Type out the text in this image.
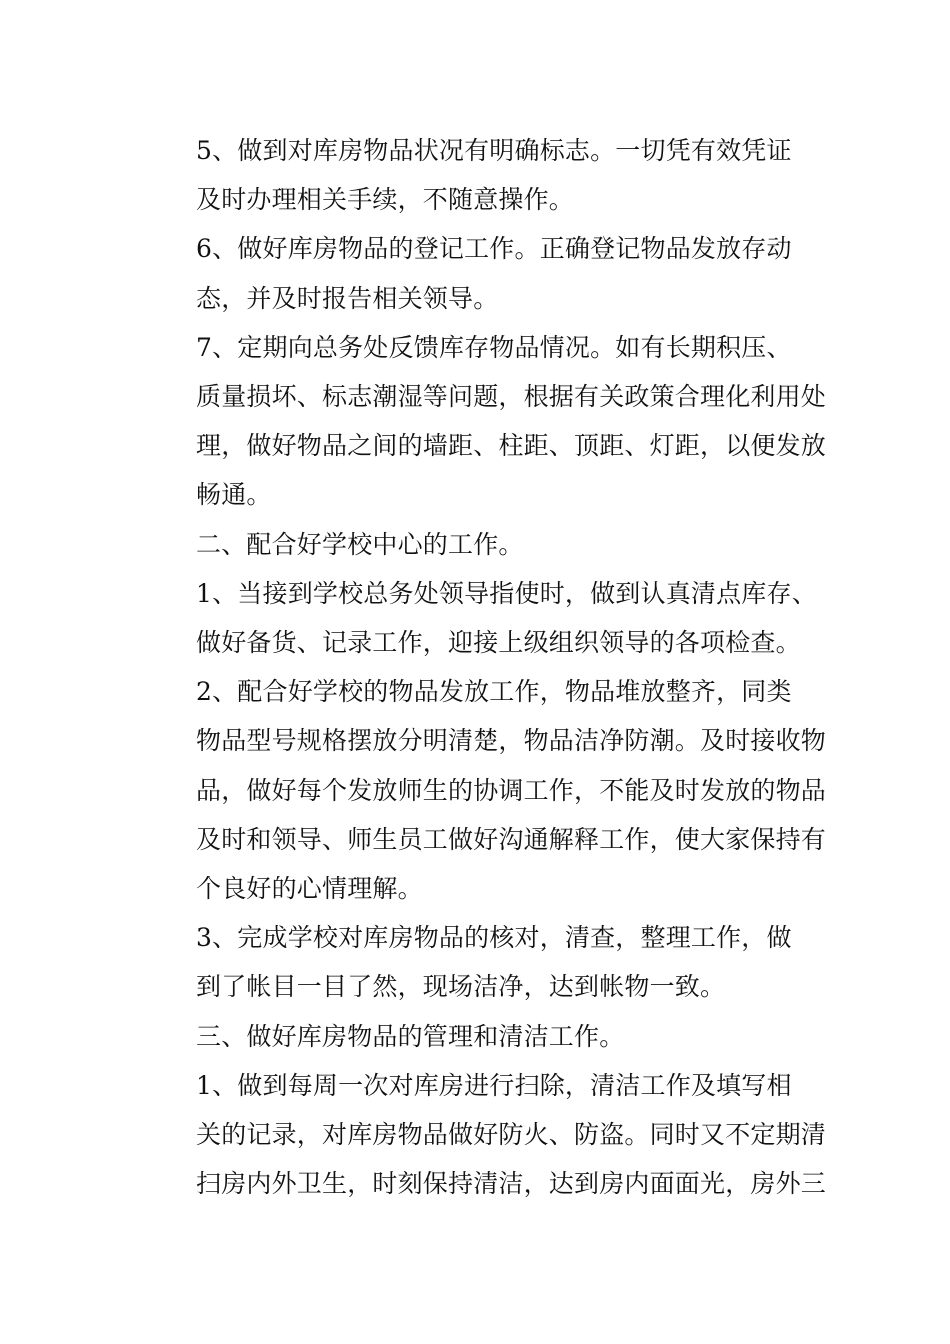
5、做到对库房物品状况有明确标志。一切凭有效凭证
及时办理相关手续，不随意操作。

6、做好库房物品的登记工作。正确登记物品发放存动
态，并及时报告相关领导。

7、定期向总务处反馈库存物品情况。如有长期积压、
质量损坏、标志潮湿等问题，根据有关政策合理化利用处
理，做好物品之间的墙距、柱距、顶距、灯距，以便发放
畅通。

二、配合好学校中心的工作。

1、当接到学校总务处领导指使时，做到认真清点库存、
做好备货、记录工作，迎接上级组织领导的各项检查。

2、配合好学校的物品发放工作，物品堆放整齐，同类
物品型号规格摆放分明清楚，物品洁净防潮。及时接收物
品，做好每个发放师生的协调工作，不能及时发放的物品
及时和领导、师生员工做好沟通解释工作，使大家保持有
个良好的心情理解。

3、完成学校对库房物品的核对，清查，整理工作，做
到了帐目一目了然，现场洁净，达到帐物一致。

三、做好库房物品的管理和清洁工作。

1、做到每周一次对库房进行扫除，清洁工作及填写相
关的记录，对库房物品做好防火、防盗。同时又不定期清
扫房内外卫生，时刻保持清洁，达到房内面面光，房外三
